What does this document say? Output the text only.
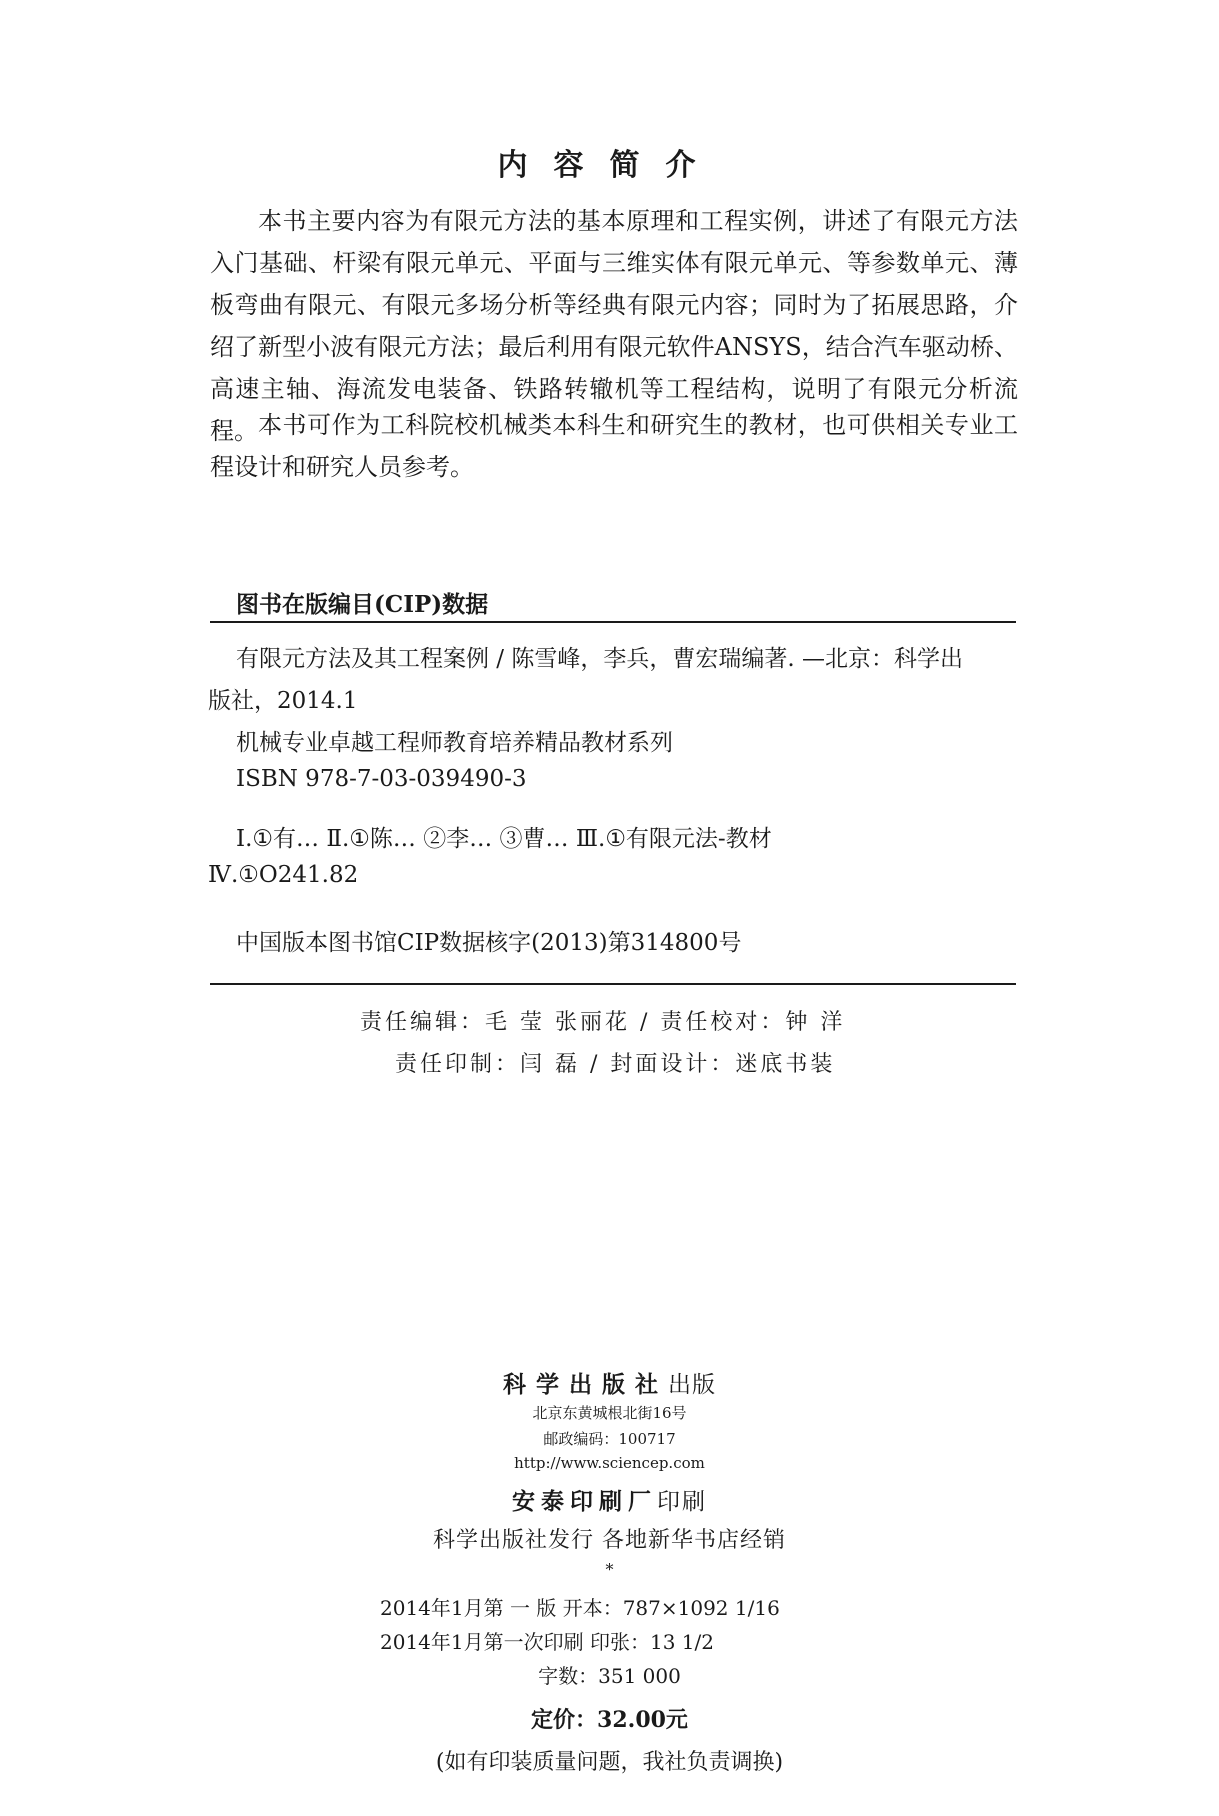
内容简介
本书主要内容为有限元方法的基本原理和工程实例，讲述了有限元方法入门基础、杆梁有限元单元、平面与三维实体有限元单元、等参数单元、薄板弯曲有限元、有限元多场分析等经典有限元内容；同时为了拓展思路，介绍了新型小波有限元方法；最后利用有限元软件ANSYS，结合汽车驱动桥、高速主轴、海流发电装备、铁路转辙机等工程结构，说明了有限元分析流程。 本书可作为工科院校机械类本科生和研究生的教材，也可供相关专业工程设计和研究人员参考。
图书在版编目(CIP)数据
有限元方法及其工程案例 / 陈雪峰，李兵，曹宏瑞编著. —北京：科学出
版社，2014.1
机械专业卓越工程师教育培养精品教材系列
ISBN 978-7-03-039490-3
Ⅰ.①有… Ⅱ.①陈… ②李… ③曹… Ⅲ.①有限元法-教材
Ⅳ.①O241.82
中国版本图书馆CIP数据核字(2013)第314800号
责任编辑：毛 莹 张丽花 / 责任校对：钟 洋
责任印制：闫 磊 / 封面设计：迷底书装
科学出版社出版
北京东黄城根北街16号
邮政编码：100717
http://www.sciencep.com
安泰印刷厂印刷
科学出版社发行 各地新华书店经销
*
2014年1月第 一 版 开本：787×1092 1/16
2014年1月第一次印刷 印张：13 1/2
字数：351 000
定价：32.00元
(如有印装质量问题，我社负责调换)
